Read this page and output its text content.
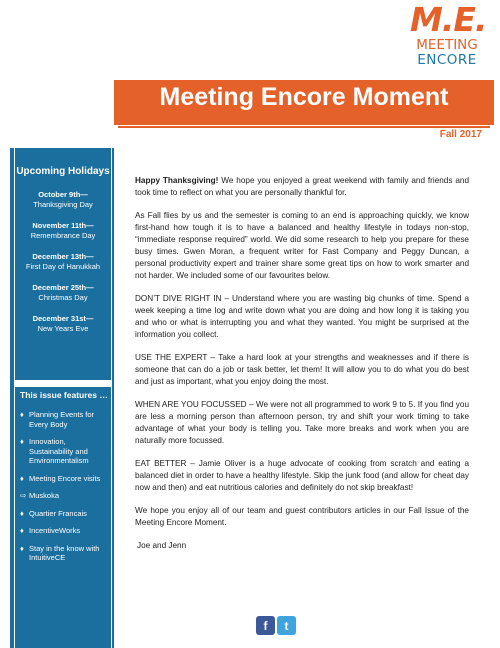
M.E.
MEETING
ENCORE
Meeting Encore Moment
Fall 2017
Upcoming Holidays
October 9th—
Thanksgiving Day
November 11th—
Remembrance Day
December 13th—
First Day of Hanukkah
December 25th—
Christmas Day
December 31st—
New Years Eve
This issue features …
♦ Planning Events for Every Body
♦ Innovation, Sustainability and Environmentalism
♦ Meeting Encore visits
⇨ Muskoka
♦ Quartier Francais
♦ IncentiveWorks
♦ Stay in the know with IntuitiveCE

Happy Thanksgiving! We hope you enjoyed a great weekend with family and friends and took time to reflect on what you are personally thankful for.

As Fall flies by us and the semester is coming to an end is approaching quickly, we know first-hand how tough it is to have a balanced and healthy lifestyle in todays non-stop, “immediate response required” world. We did some research to help you prepare for these busy times. Gwen Moran, a frequent writer for Fast Company and Peggy Duncan, a personal productivity expert and trainer share some great tips on how to work smarter and not harder. We included some of our favourites below.

DON’T DIVE RIGHT IN – Understand where you are wasting big chunks of time. Spend a week keeping a time log and write down what you are doing and how long it is taking you and who or what is interrupting you and what they wanted. You might be surprised at the information you collect.

USE THE EXPERT – Take a hard look at your strengths and weaknesses and if there is someone that can do a job or task better, let them! It will allow you to do what you do best and just as important, what you enjoy doing the most.

WHEN ARE YOU FOCUSSED – We were not all programmed to work 9 to 5. If you find you are less a morning person than afternoon person, try and shift your work timing to take advantage of what your body is telling you. Take more breaks and work when you are naturally more focussed.

EAT BETTER – Jamie Oliver is a huge advocate of cooking from scratch and eating a balanced diet in order to have a healthy lifestyle. Skip the junk food (and allow for cheat day now and then) and eat nutritious calories and definitely do not skip breakfast!

We hope you enjoy all of our team and guest contributors articles in our Fall Issue of the Meeting Encore Moment.

Joe and Jenn

f	t
